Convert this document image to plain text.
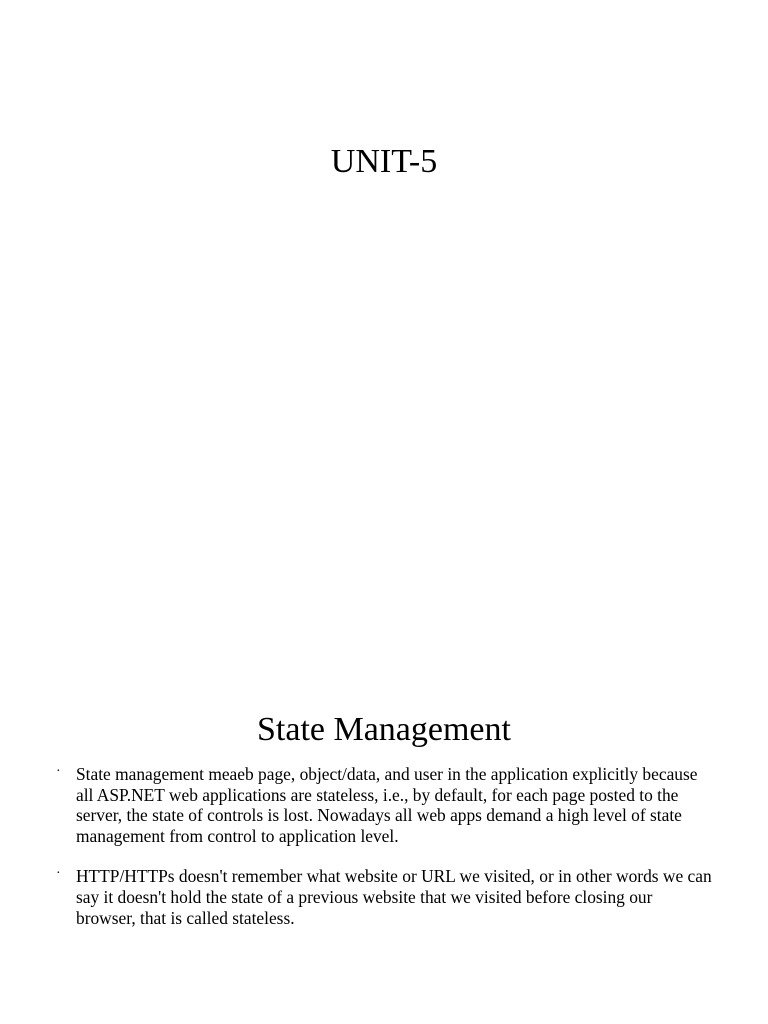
UNIT-5
State Management
· State management meaeb page, object/data, and user in the application explicitly because all ASP.NET web applications are stateless, i.e., by default, for each page posted to the server, the state of controls is lost. Nowadays all web apps demand a high level of state management from control to application level.
· HTTP/HTTPs doesn't remember what website or URL we visited, or in other words we can say it doesn't hold the state of a previous website that we visited before closing our browser, that is called stateless.
